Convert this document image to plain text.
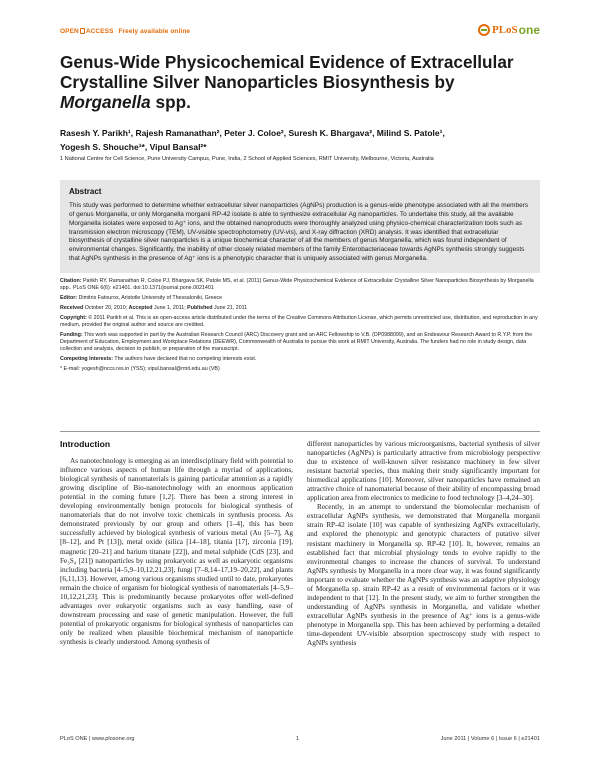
OPEN ACCESS Freely available online	PLoS one
Genus-Wide Physicochemical Evidence of Extracellular Crystalline Silver Nanoparticles Biosynthesis by Morganella spp.
Rasesh Y. Parikh¹, Rajesh Ramanathan², Peter J. Coloe², Suresh K. Bhargava², Milind S. Patole¹,
Yogesh S. Shouche¹*, Vipul Bansal²*
1 National Centre for Cell Science, Pune University Campus, Pune, India, 2 School of Applied Sciences, RMIT University, Melbourne, Victoria, Australia
Abstract

This study was performed to determine whether extracellular silver nanoparticles (AgNPs) production is a genus-wide phenotype associated with all the members of genus Morganella, or only Morganella morganii RP-42 isolate is able to synthesize extracellular Ag nanoparticles. To undertake this study, all the available Morganella isolates were exposed to Ag⁺ ions, and the obtained nanoproducts were thoroughly analyzed using physico-chemical characterization tools such as transmission electron microscopy (TEM), UV-visible spectrophotometry (UV-vis), and X-ray diffraction (XRD) analysis. It was identified that extracellular biosynthesis of crystalline silver nanoparticles is a unique biochemical character of all the members of genus Morganella, which was found independent of environmental changes. Significantly, the inability of other closely related members of the family Enterobacteriaceae towards AgNPs synthesis strongly suggests that AgNPs synthesis in the presence of Ag⁺ ions is a phenotypic character that is uniquely associated with genus Morganella.

Citation: Parikh RY, Ramanathan R, Coloe PJ, Bhargava SK, Patole MS, et al. (2011) Genus-Wide Physicochemical Evidence of Extracellular Crystalline Silver Nanoparticles Biosynthesis by Morganella spp.. PLoS ONE 6(6): e21401. doi:10.1371/journal.pone.0021401
Editor: Dimitris Fatouros, Aristotle University of Thessaloniki, Greece
Received October 20, 2010; Accepted June 1, 2011; Published June 21, 2011
Copyright: © 2011 Parikh et al. This is an open-access article distributed under the terms of the Creative Commons Attribution License, which permits unrestricted use, distribution, and reproduction in any medium, provided the original author and source are credited.
Funding: This work was supported in part by the Australian Research Council (ARC) Discovery grant and an ARC Fellowship to V.B. (DP0988099), and an Endeavour Research Award to R.Y.P. from the Department of Education, Employment and Workplace Relations (DEEWR), Commonwealth of Australia to pursue this work at RMIT University, Australia. The funders had no role in study design, data collection and analysis, decision to publish, or preparation of the manuscript.
Competing Interests: The authors have declared that no competing interests exist.
* E-mail: yogesh@nccs.res.in (YSS); vipul.bansal@rmit.edu.au (VB)
Introduction

As nanotechnology is emerging as an interdisciplinary field with potential to influence various aspects of human life through a myriad of applications, biological synthesis of nanomaterials is gaining particular attention as a rapidly growing discipline of Bio-nanotechnology with an enormous application potential in the coming future [1,2]. There has been a strong interest in developing environmentally benign protocols for biological synthesis of nanomaterials that do not involve toxic chemicals in synthesis process. As demonstrated previously by our group and others [1–4], this has been successfully achieved by biological synthesis of various metal (Au [5–7], Ag [8–12], and Pt [13]), metal oxide (silica [14–18], titania [17], zirconia [19], magnetic [20–21] and barium titanate [22]), and metal sulphide (CdS [23], and Fe₃S₄ [21]) nanoparticles by using prokaryotic as well as eukaryotic organisms including bacteria [4–5,9–10,12,21,23], fungi [7–8,14–17,19–20,22], and plants [6,11,13]. However, among various organisms studied until to date, prokaryotes remain the choice of organism for biological synthesis of nanomaterials [4–5,9–10,12,21,23]. This is predominantly because prokaryotes offer well-defined advantages over eukaryotic organisms such as easy handling, ease of downstream processing and ease of genetic manipulation. However, the full potential of prokaryotic organisms for biological synthesis of nanoparticles can only be realized when plausible biochemical mechanism of nanoparticle synthesis is clearly understood. Among synthesis of

different nanoparticles by various microorganisms, bacterial synthesis of silver nanoparticles (AgNPs) is particularly attractive from microbiology perspective due to existence of well-known silver resistance machinery in few silver resistant bacterial species, thus making their study significantly important for biomedical applications [10]. Moreover, silver nanoparticles have remained an attractive choice of nanomaterial because of their ability of encompassing broad application area from electronics to medicine to food technology [3–4,24–30].

Recently, in an attempt to understand the biomolecular mechanism of extracellular AgNPs synthesis, we demonstrated that Morganella morganii strain RP-42 isolate [10] was capable of synthesizing AgNPs extracellularly, and explored the phenotypic and genotypic characters of putative silver resistant machinery in Morganella sp. RP-42 [10]. It, however, remains an established fact that microbial physiology tends to evolve rapidly to the environmental changes to increase the chances of survival. To understand AgNPs synthesis by Morganella in a more clear way, it was found significantly important to evaluate whether the AgNPs synthesis was an adaptive physiology of Morganella sp. strain RP-42 as a result of environmental factors or it was independent to that [12]. In the present study, we aim to further strengthen the understanding of AgNPs synthesis in Morganella, and validate whether extracellular AgNPs synthesis in the presence of Ag⁺ ions is a genus-wide phenotype in Morganella spp. This has been achieved by performing a detailed time-dependent UV-visible absorption spectroscopy study with respect to AgNPs synthesis

PLoS ONE | www.plosone.org	1	June 2011 | Volume 6 | Issue 6 | e21401
